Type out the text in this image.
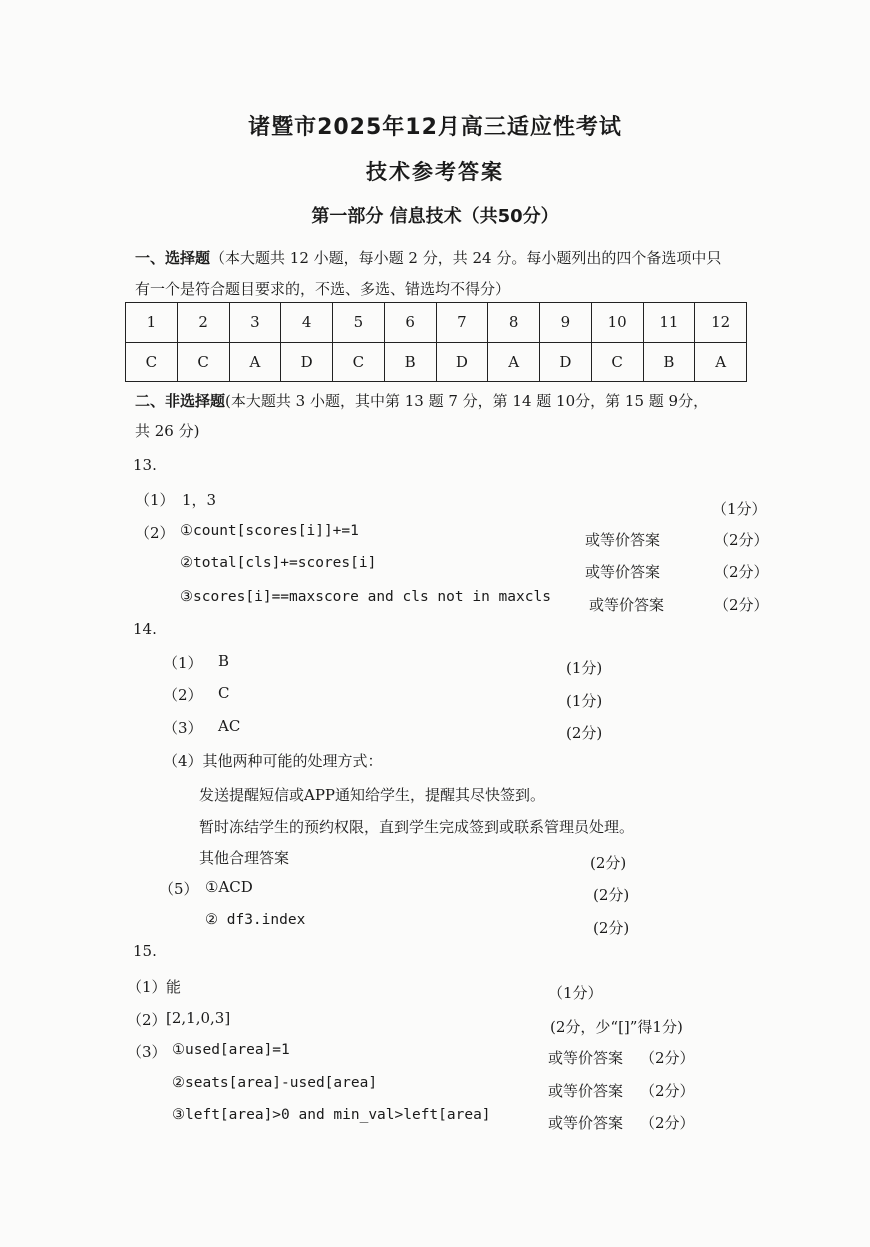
诸暨市2025年12月高三适应性考试
技术参考答案
第一部分 信息技术（共50分）
一、选择题（本大题共 12 小题，每小题 2 分，共 24 分。每小题列出的四个备选项中只
有一个是符合题目要求的，不选、多选、错选均不得分）
1	2	3	4	5	6	7	8	9	10	11	12
C	C	A	D	C	B	D	A	D	C	B	A
二、非选择题(本大题共 3 小题，其中第 13 题 7 分，第 14 题 10分，第 15 题 9分，
共 26 分)
13.
（1） 1，3	（1分）
（2） ①count[scores[i]]+=1	或等价答案	（2分）
②total[cls]+=scores[i]	或等价答案	（2分）
③scores[i]==maxscore and cls not in maxcls	或等价答案	（2分）
14.
（1） B	(1分)
（2） C	(1分)
（3） AC	(2分)
（4）其他两种可能的处理方式：
发送提醒短信或APP通知给学生，提醒其尽快签到。
暂时冻结学生的预约权限，直到学生完成签到或联系管理员处理。
其他合理答案	(2分)
（5） ①ACD	(2分)
② df3.index	(2分)
15.
（1） 能	（1分）
（2） [2,1,0,3]	(2分，少“[]”得1分)
（3） ①used[area]=1	或等价答案 （2分）
②seats[area]-used[area]	或等价答案 （2分）
③left[area]>0 and min_val>left[area]	或等价答案 （2分）
